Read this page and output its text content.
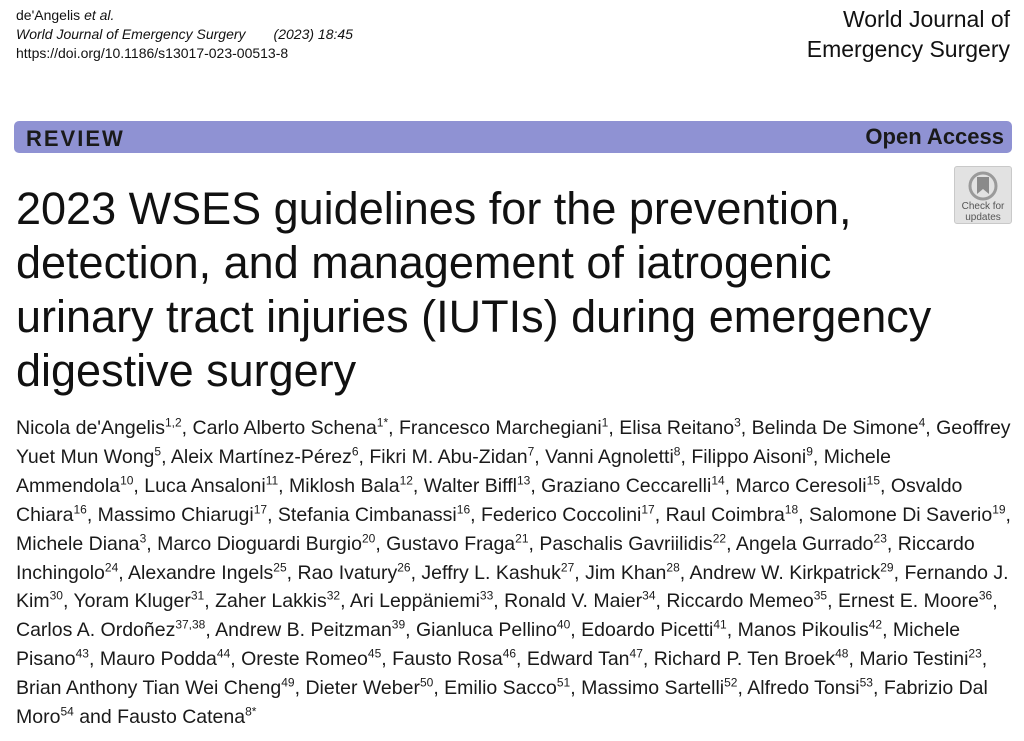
de'Angelis et al.
World Journal of Emergency Surgery (2023) 18:45
https://doi.org/10.1186/s13017-023-00513-8
World Journal of
Emergency Surgery
REVIEW	Open Access
2023 WSES guidelines for the prevention, detection, and management of iatrogenic urinary tract injuries (IUTIs) during emergency digestive surgery
Check for
updates
Nicola de'Angelis$^{1,2}$, Carlo Alberto Schena$^{1*}$, Francesco Marchegiani$^1$, Elisa Reitano$^3$, Belinda De Simone$^4$, Geoffrey Yuet Mun Wong$^5$, Aleix Martínez-Pérez$^6$, Fikri M. Abu-Zidan$^7$, Vanni Agnoletti$^8$, Filippo Aisoni$^9$, Michele Ammendola$^{10}$, Luca Ansaloni$^{11}$, Miklosh Bala$^{12}$, Walter Biffl$^{13}$, Graziano Ceccarelli$^{14}$, Marco Ceresoli$^{15}$, Osvaldo Chiara$^{16}$, Massimo Chiarugi$^{17}$, Stefania Cimbanassi$^{16}$, Federico Coccolini$^{17}$, Raul Coimbra$^{18}$, Salomone Di Saverio$^{19}$, Michele Diana$^3$, Marco Dioguardi Burgio$^{20}$, Gustavo Fraga$^{21}$, Paschalis Gavriilidis$^{22}$, Angela Gurrado$^{23}$, Riccardo Inchingolo$^{24}$, Alexandre Ingels$^{25}$, Rao Ivatury$^{26}$, Jeffry L. Kashuk$^{27}$, Jim Khan$^{28}$, Andrew W. Kirkpatrick$^{29}$, Fernando J. Kim$^{30}$, Yoram Kluger$^{31}$, Zaher Lakkis$^{32}$, Ari Leppäniemi$^{33}$, Ronald V. Maier$^{34}$, Riccardo Memeo$^{35}$, Ernest E. Moore$^{36}$, Carlos A. Ordoñez$^{37,38}$, Andrew B. Peitzman$^{39}$, Gianluca Pellino$^{40}$, Edoardo Picetti$^{41}$, Manos Pikoulis$^{42}$, Michele Pisano$^{43}$, Mauro Podda$^{44}$, Oreste Romeo$^{45}$, Fausto Rosa$^{46}$, Edward Tan$^{47}$, Richard P. Ten Broek$^{48}$, Mario Testini$^{23}$, Brian Anthony Tian Wei Cheng$^{49}$, Dieter Weber$^{50}$, Emilio Sacco$^{51}$, Massimo Sartelli$^{52}$, Alfredo Tonsi$^{53}$, Fabrizio Dal Moro$^{54}$ and Fausto Catena$^{8*}$
